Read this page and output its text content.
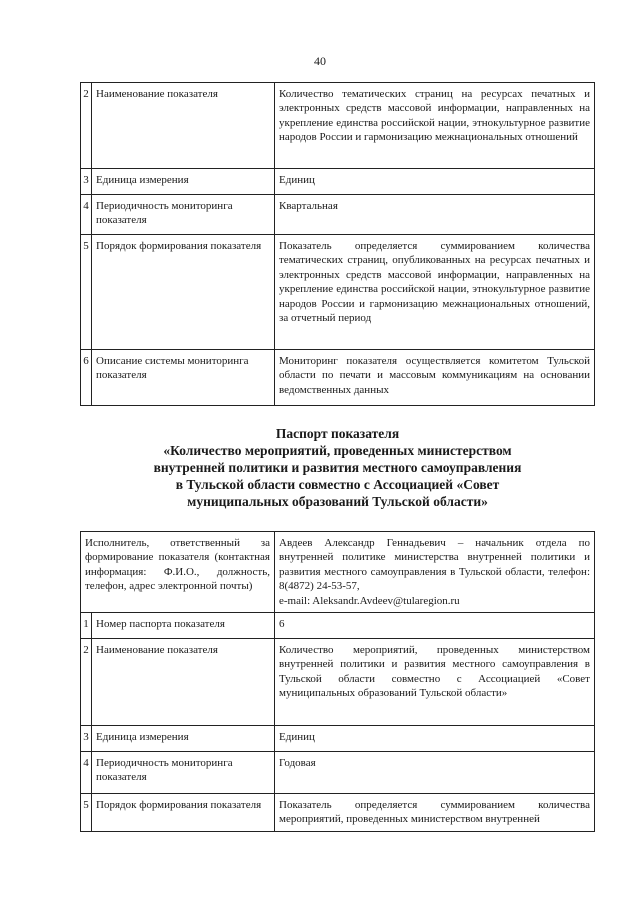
40
2	Наименование показателя	Количество тематических страниц на ресурсах печатных и электронных средств массовой информации, направленных на укрепление единства российской нации, этнокультурное развитие народов России и гармонизацию межнациональных отношений
3	Единица измерения	Единиц
4	Периодичность мониторинга показателя	Квартальная
5	Порядок формирования показателя	Показатель определяется суммированием количества тематических страниц, опубликованных на ресурсах печатных и электронных средств массовой информации, направленных на укрепление единства российской нации, этнокультурное развитие народов России и гармонизацию межнациональных отношений, за отчетный период
6	Описание системы мониторинга показателя	Мониторинг показателя осуществляется комитетом Тульской области по печати и массовым коммуникациям на основании ведомственных данных
Паспорт показателя
«Количество мероприятий, проведенных министерством
внутренней политики и развития местного самоуправления
в Тульской области совместно с Ассоциацией «Совет
муниципальных образований Тульской области»
Исполнитель, ответственный за формирование показателя (контактная информация: Ф.И.О., должность, телефон, адрес электронной почты)		Авдеев Александр Геннадьевич – начальник отдела по внутренней политике министерства внутренней политики и развития местного самоуправления в Тульской области, телефон: 8(4872) 24-53-57,
e-mail: Aleksandr.Avdeev@tularegion.ru

1	Номер паспорта показателя	6
2	Наименование показателя	Количество мероприятий, проведенных министерством внутренней политики и развития местного самоуправления в Тульской области совместно с Ассоциацией «Совет муниципальных образований Тульской области»
3	Единица измерения	Единиц
4	Периодичность мониторинга показателя	Годовая
5	Порядок формирования показателя	Показатель определяется суммированием количества мероприятий, проведенных министерством внутренней
